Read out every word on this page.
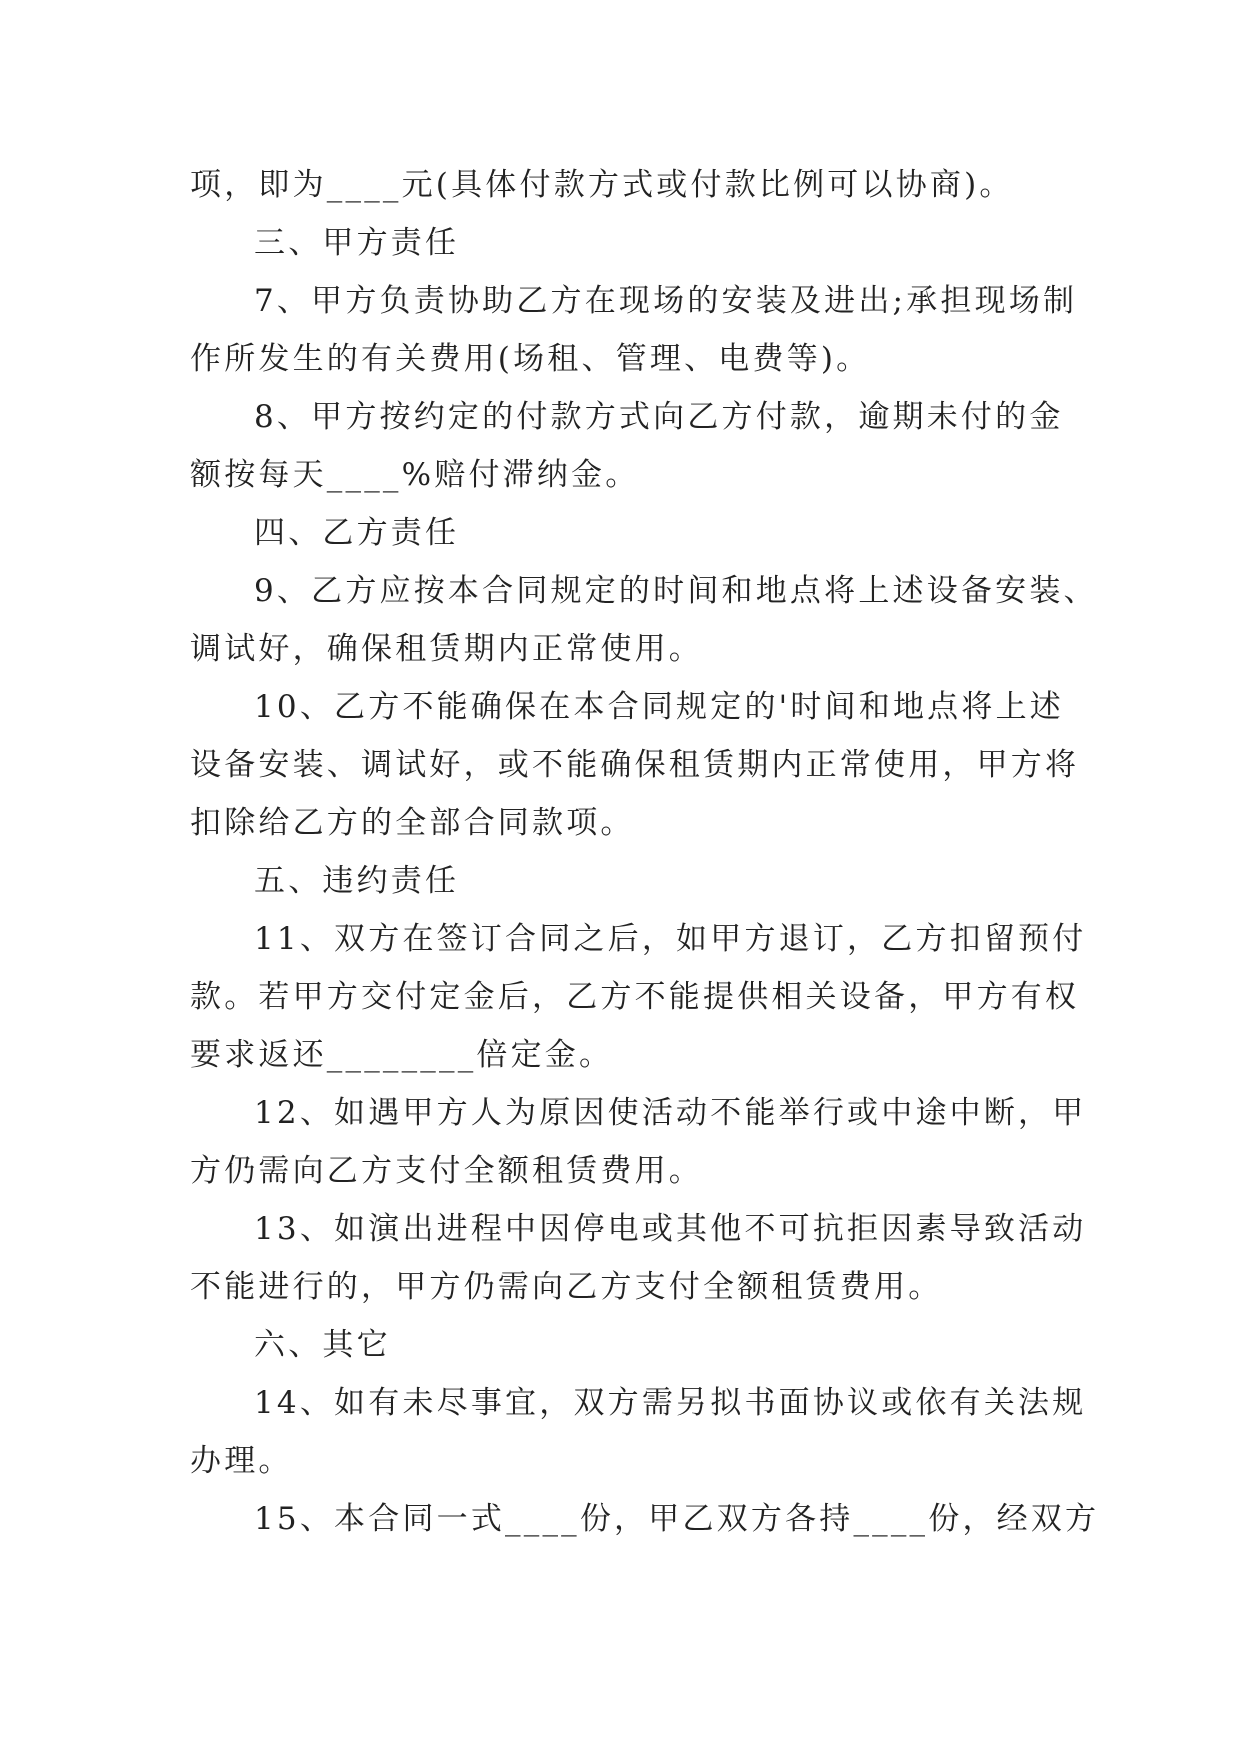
项，即为____元(具体付款方式或付款比例可以协商)。

三、甲方责任

7、甲方负责协助乙方在现场的安装及进出;承担现场制

作所发生的有关费用(场租、管理、电费等)。

8、甲方按约定的付款方式向乙方付款，逾期未付的金

额按每天____%赔付滞纳金。

四、乙方责任

9、乙方应按本合同规定的时间和地点将上述设备安装、

调试好，确保租赁期内正常使用。

10、乙方不能确保在本合同规定的'时间和地点将上述

设备安装、调试好，或不能确保租赁期内正常使用，甲方将

扣除给乙方的全部合同款项。

五、违约责任

11、双方在签订合同之后，如甲方退订，乙方扣留预付

款。若甲方交付定金后，乙方不能提供相关设备，甲方有权

要求返还________倍定金。

12、如遇甲方人为原因使活动不能举行或中途中断，甲

方仍需向乙方支付全额租赁费用。

13、如演出进程中因停电或其他不可抗拒因素导致活动

不能进行的，甲方仍需向乙方支付全额租赁费用。

六、其它

14、如有未尽事宜，双方需另拟书面协议或依有关法规

办理。

15、本合同一式____份，甲乙双方各持____份，经双方
